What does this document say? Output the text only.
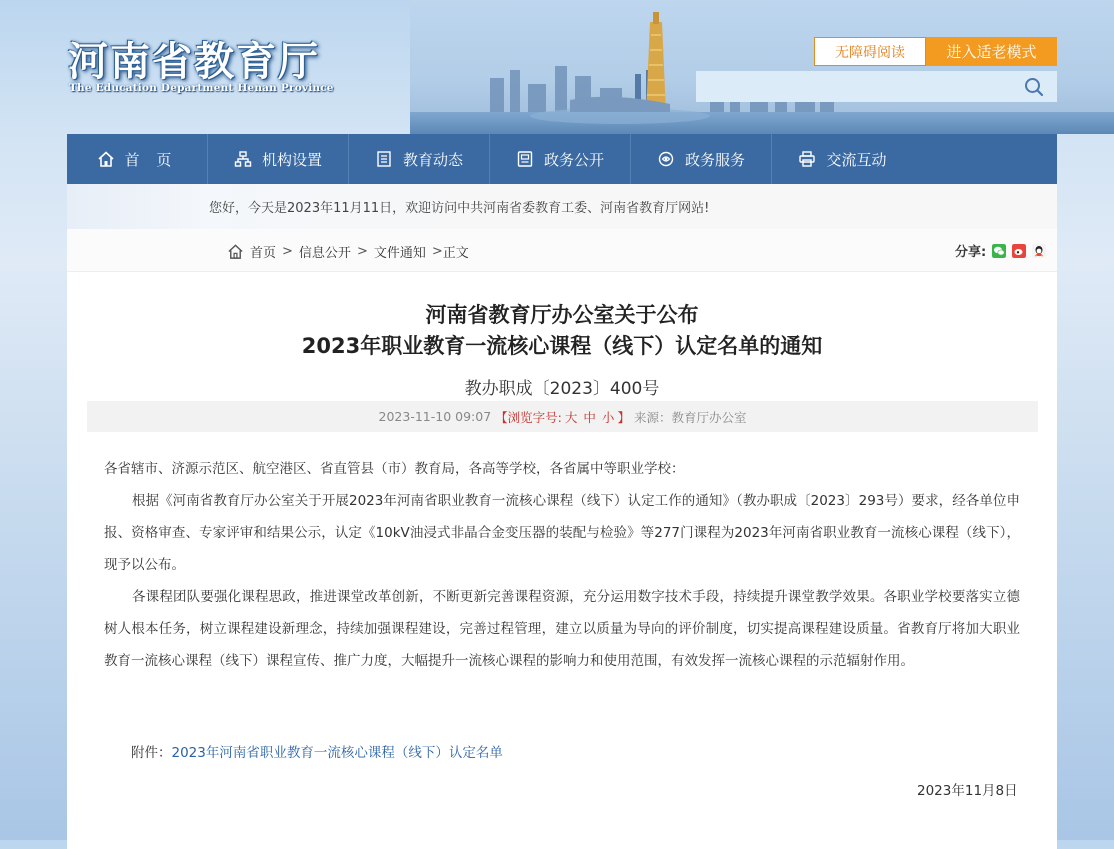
河南省教育厅
The Education Department Henan Province
无障碍阅读	进入适老模式
首 页	机构设置	教育动态	政务公开	政务服务	交流互动
您好，今天是2023年11月11日，欢迎访问中共河南省委教育工委、河南省教育厅网站!
首页 > 信息公开 > 文件通知 > 正文	分享:
河南省教育厅办公室关于公布
2023年职业教育一流核心课程（线下）认定名单的通知
教办职成〔2023〕400号
2023-11-10 09:07 【浏览字号: 大 中 小 】 来源：教育厅办公室

各省辖市、济源示范区、航空港区、省直管县（市）教育局，各高等学校，各省属中等职业学校：

根据《河南省教育厅办公室关于开展2023年河南省职业教育一流核心课程（线下）认定工作的通知》（教办职成〔2023〕293号）要求，经各单位申报、资格审查、专家评审和结果公示，认定《10kV油浸式非晶合金变压器的装配与检验》等277门课程为2023年河南省职业教育一流核心课程（线下），现予以公布。

各课程团队要强化课程思政，推进课堂改革创新，不断更新完善课程资源，充分运用数字技术手段，持续提升课堂教学效果。各职业学校要落实立德树人根本任务，树立课程建设新理念，持续加强课程建设，完善过程管理，建立以质量为导向的评价制度，切实提高课程建设质量。省教育厅将加大职业教育一流核心课程（线下）课程宣传、推广力度，大幅提升一流核心课程的影响力和使用范围，有效发挥一流核心课程的示范辐射作用。

附件：2023年河南省职业教育一流核心课程（线下）认定名单
2023年11月8日
